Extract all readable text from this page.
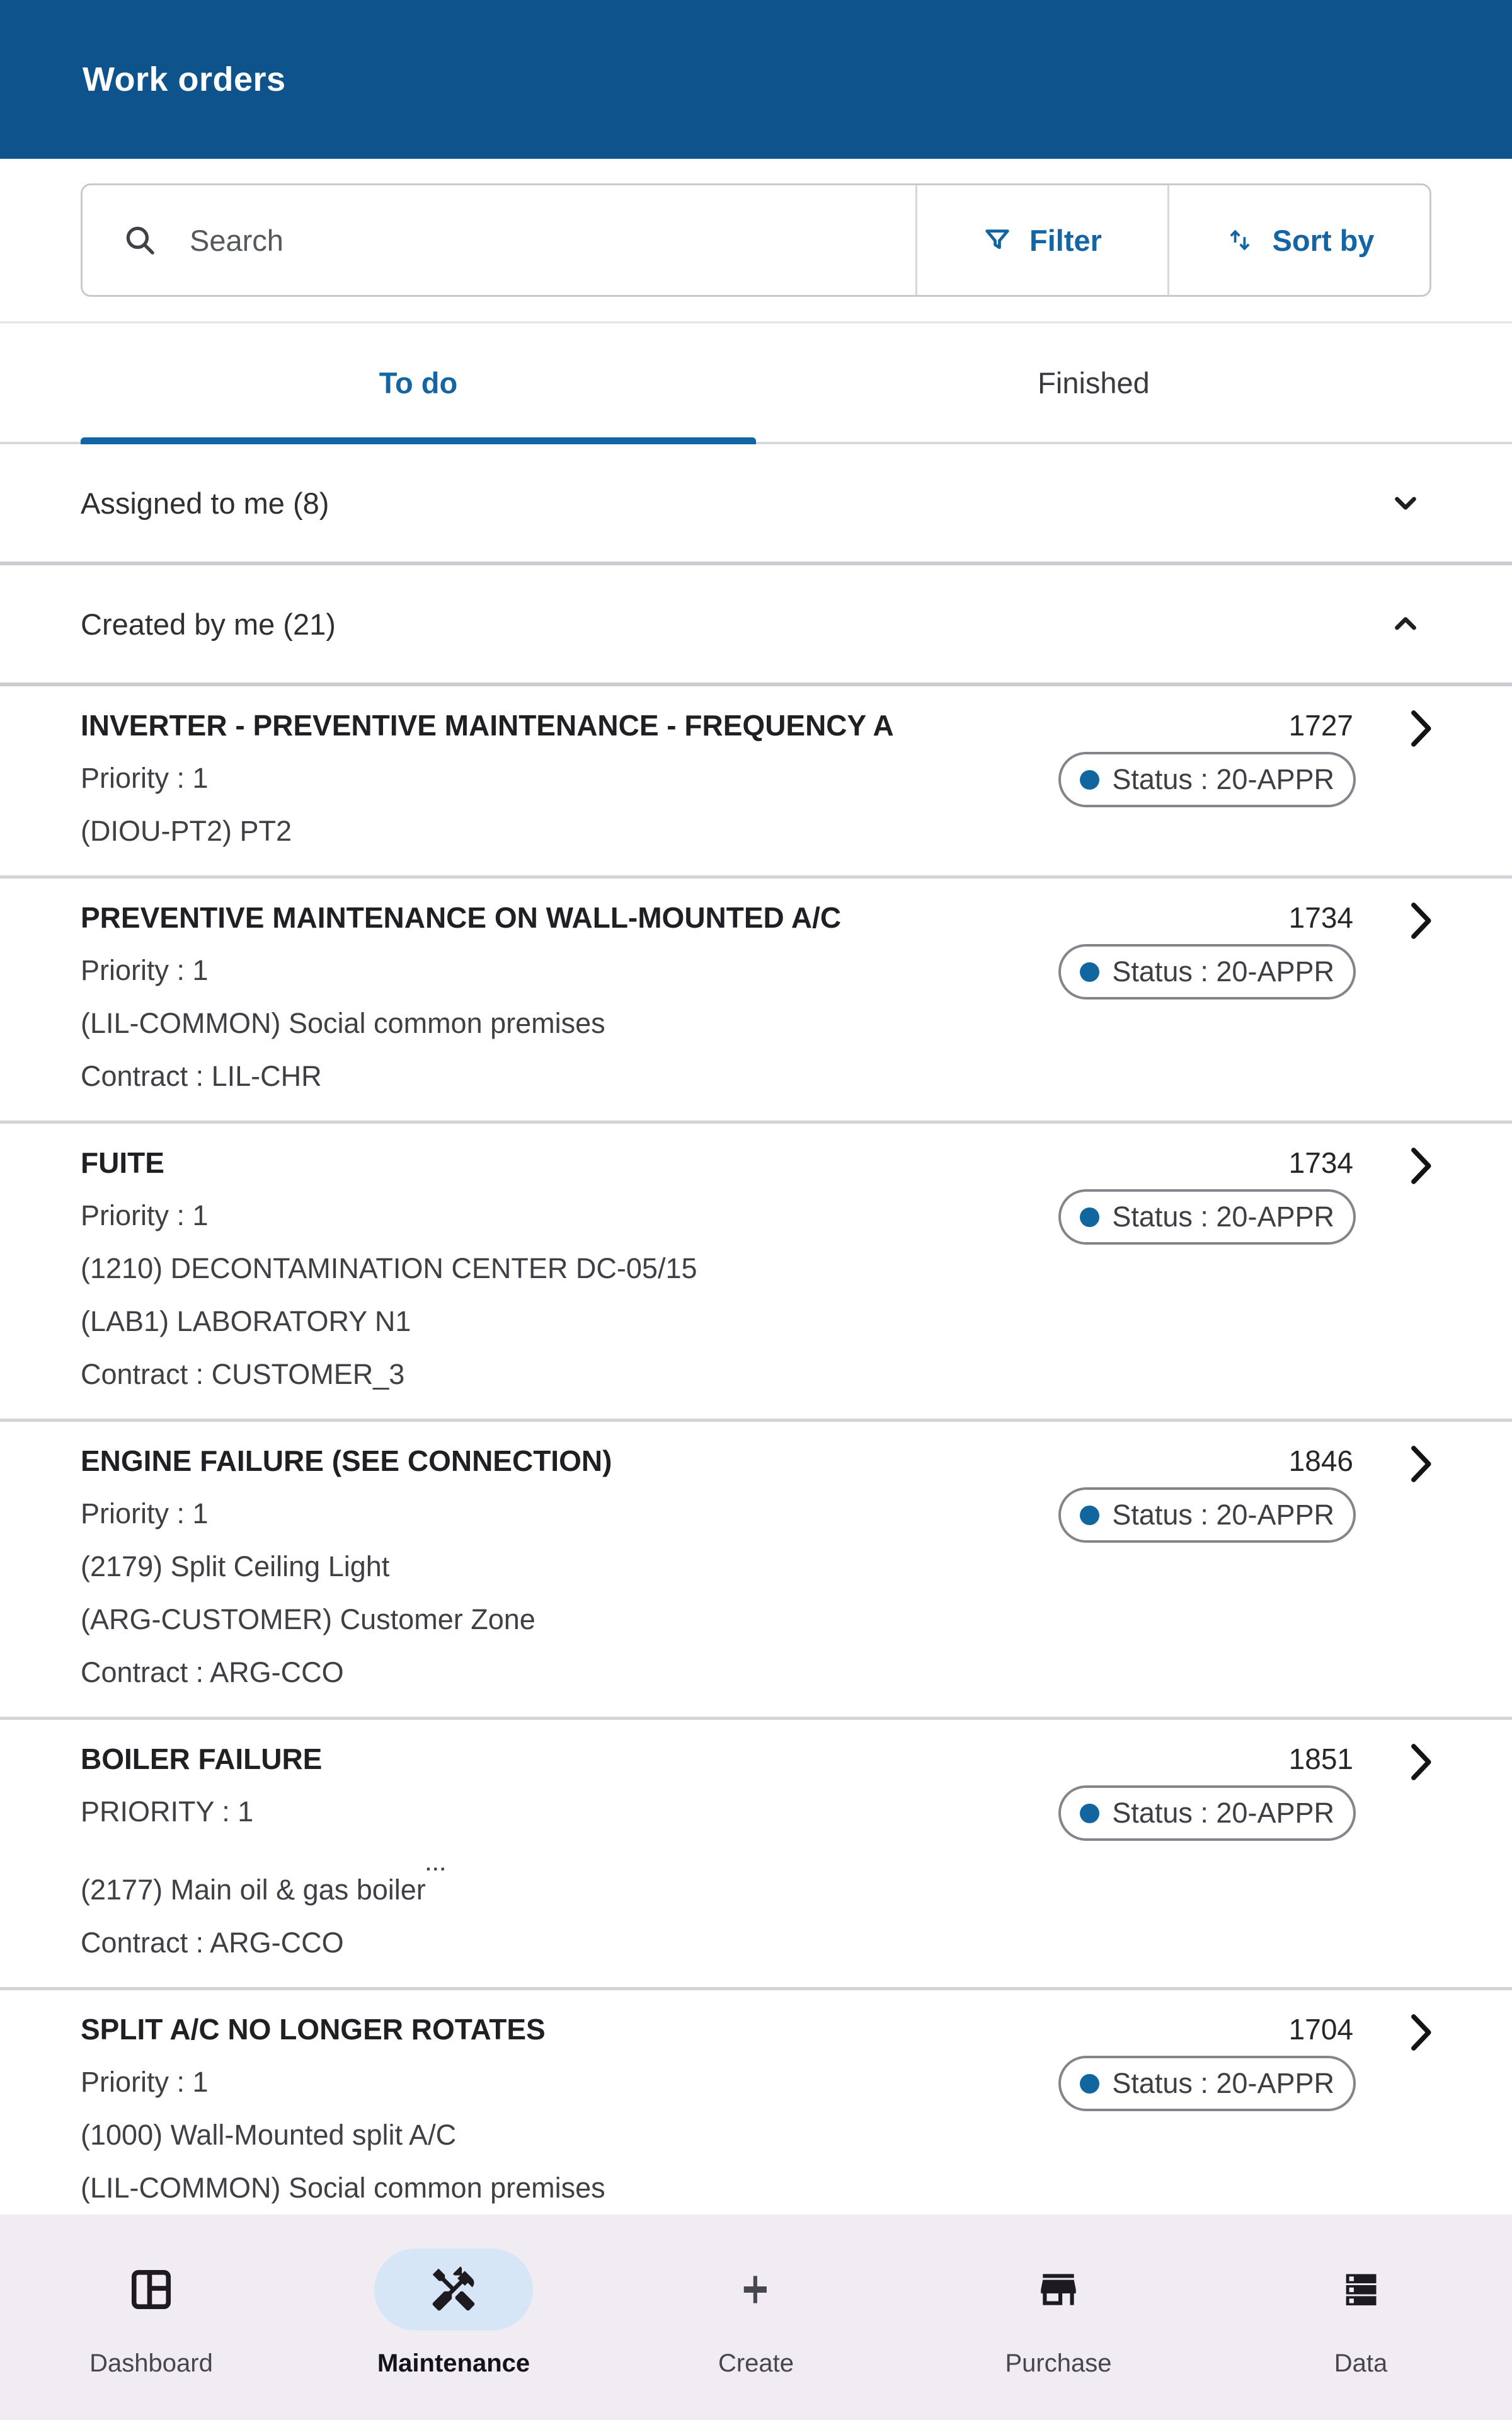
Work orders
Search
Filter	Sort by
To do	Finished
Assigned to me (8)
Created by me (21)
INVERTER - PREVENTIVE MAINTENANCE - FREQUENCY A
Priority : 1
(DIOU-PT2) PT2
1727
Status : 20-APPR
PREVENTIVE MAINTENANCE ON WALL-MOUNTED A/C
Priority : 1
(LIL-COMMON) Social common premises
Contract : LIL-CHR
1734
Status : 20-APPR
FUITE
Priority : 1
(1210) DECONTAMINATION CENTER DC-05/15
(LAB1) LABORATORY N1
Contract : CUSTOMER_3
1734
Status : 20-APPR
ENGINE FAILURE (SEE CONNECTION)
Priority : 1
(2179) Split Ceiling Light
(ARG-CUSTOMER) Customer Zone
Contract : ARG-CCO
1846
Status : 20-APPR
BOILER FAILURE
PRIORITY : 1
(2177) Main oil & gas boiler...
Contract : ARG-CCO
1851
Status : 20-APPR
SPLIT A/C NO LONGER ROTATES
Priority : 1
(1000) Wall-Mounted split A/C
(LIL-COMMON) Social common premises
1704
Status : 20-APPR
Dashboard	Maintenance	Create	Purchase	Data
